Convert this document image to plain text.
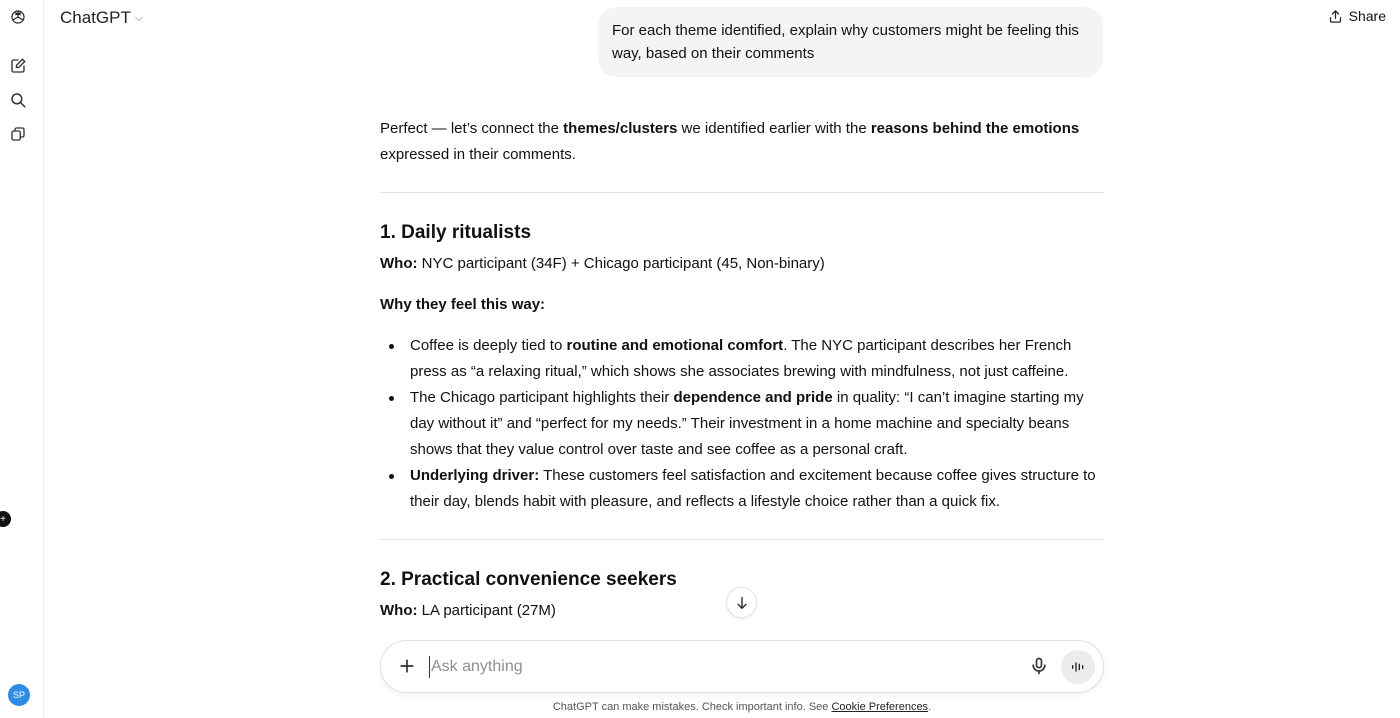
SP
+
ChatGPT ⌵	Share
For each theme identified, explain why customers might be feeling this way, based on their comments

Perfect — let’s connect the themes/clusters we identified earlier with the reasons behind the emotions expressed in their comments.

1. Daily ritualists

Who: NYC participant (34F) + Chicago participant (45, Non-binary)

Why they feel this way:

Coffee is deeply tied to routine and emotional comfort. The NYC participant describes her French press as “a relaxing ritual,” which shows she associates brewing with mindfulness, not just caffeine.
The Chicago participant highlights their dependence and pride in quality: “I can’t imagine starting my day without it” and “perfect for my needs.” Their investment in a home machine and specialty beans shows that they value control over taste and see coffee as a personal craft.
Underlying driver: These customers feel satisfaction and excitement because coffee gives structure to their day, blends habit with pleasure, and reflects a lifestyle choice rather than a quick fix.
2. Practical convenience seekers

Who: LA participant (27M)

Ask anything
ChatGPT can make mistakes. Check important info. See Cookie Preferences.
